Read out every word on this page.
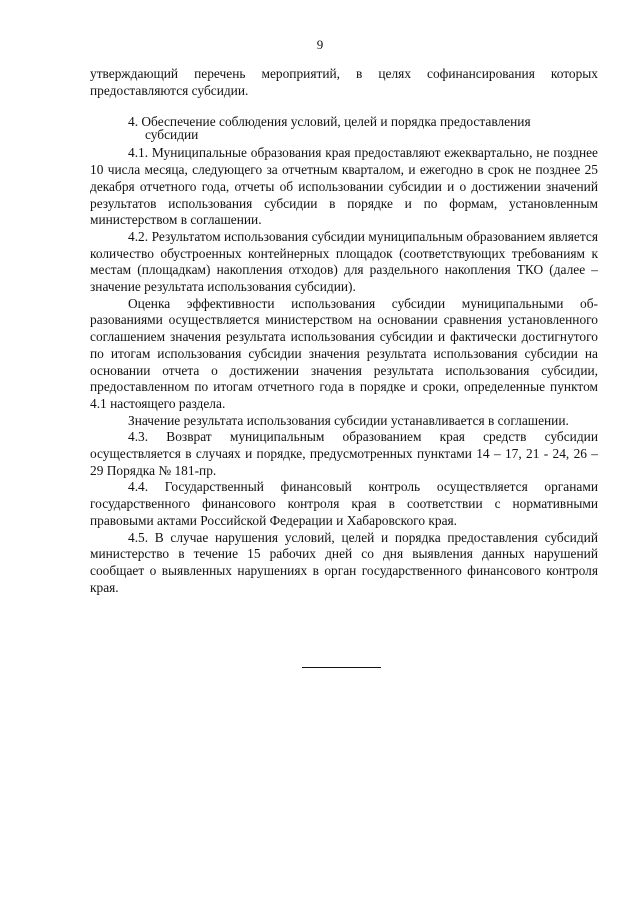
9

утверждающий перечень мероприятий, в целях софинансирования которых предоставляются субсидии.

4. Обеспечение соблюдения условий, целей и порядка предоставления
субсидии

4.1. Муниципальные образования края предоставляют ежеквартально, не позднее 10 числа месяца, следующего за отчетным кварталом, и ежегодно в срок не позднее 25 декабря отчетного года, отчеты об использовании субсидии и о достижении значений результатов использования субсидии в порядке и по формам, установленным министерством в соглашении.

4.2. Результатом использования субсидии муниципальным образованием является количество обустроенных контейнерных площадок (соответствующих требованиям к местам (площадкам) накопления отходов) для раздельного накопления ТКО (далее – значение результата использования субсидии).

Оценка эффективности использования субсидии муниципальными образованиями осуществляется министерством на основании сравнения установленного соглашением значения результата использования субсидии и фактически достигнутого по итогам использования субсидии значения результата использования субсидии на основании отчета о достижении значения результата использования субсидии, предоставленном по итогам отчетного года в порядке и сроки, определенные пунктом 4.1 настоящего раздела.

Значение результата использования субсидии устанавливается в соглашении.

4.3. Возврат муниципальным образованием края средств субсидии осуществляется в случаях и порядке, предусмотренных пунктами 14 – 17, 21 - 24, 26 – 29 Порядка № 181-пр.

4.4. Государственный финансовый контроль осуществляется органами государственного финансового контроля края в соответствии с нормативными правовыми актами Российской Федерации и Хабаровского края.

4.5. В случае нарушения условий, целей и порядка предоставления субсидий министерство в течение 15 рабочих дней со дня выявления данных нарушений сообщает о выявленных нарушениях в орган государственного финансового контроля края.
